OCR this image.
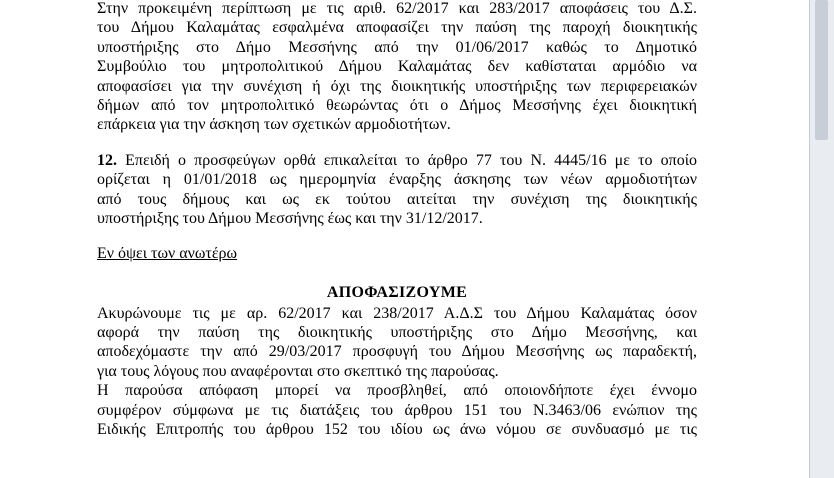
Στην προκειμένη περίπτωση με τις αριθ. 62/2017 και 283/2017 αποφάσεις του Δ.Σ.
του Δήμου Καλαμάτας εσφαλμένα αποφασίζει την παύση της παροχή διοικητικής
υποστήριξης στο Δήμο Μεσσήνης από την 01/06/2017 καθώς το Δημοτικό
Συμβούλιο του μητροπολιτικού Δήμου Καλαμάτας δεν καθίσταται αρμόδιο να
αποφασίσει για την συνέχιση ή όχι της διοικητικής υποστήριξης των περιφερειακών
δήμων από τον μητροπολιτικό θεωρώντας ότι ο Δήμος Μεσσήνης έχει διοικητική
επάρκεια για την άσκηση των σχετικών αρμοδιοτήτων.
12. Επειδή ο προσφεύγων ορθά επικαλείται το άρθρο 77 του Ν. 4445/16 με το οποίο
ορίζεται η 01/01/2018 ως ημερομηνία έναρξης άσκησης των νέων αρμοδιοτήτων
από τους δήμους και ως εκ τούτου αιτείται την συνέχιση της διοικητικής
υποστήριξης του Δήμου Μεσσήνης έως και την 31/12/2017.
Εν όψει των ανωτέρω
ΑΠΟΦΑΣΙΖΟΥΜΕ
Ακυρώνουμε τις με αρ. 62/2017 και 238/2017 Α.Δ.Σ του Δήμου Καλαμάτας όσον
αφορά την παύση της διοικητικής υποστήριξης στο Δήμο Μεσσήνης, και
αποδεχόμαστε την από 29/03/2017 προσφυγή του Δήμου Μεσσήνης ως παραδεκτή,
για τους λόγους που αναφέρονται στο σκεπτικό της παρούσας.
Η παρούσα απόφαση μπορεί να προσβληθεί, από οποιονδήποτε έχει έννομο
συμφέρον σύμφωνα με τις διατάξεις του άρθρου 151 του Ν.3463/06 ενώπιον της
Ειδικής Επιτροπής του άρθρου 152 του ιδίου ως άνω νόμου σε συνδυασμό με τις
